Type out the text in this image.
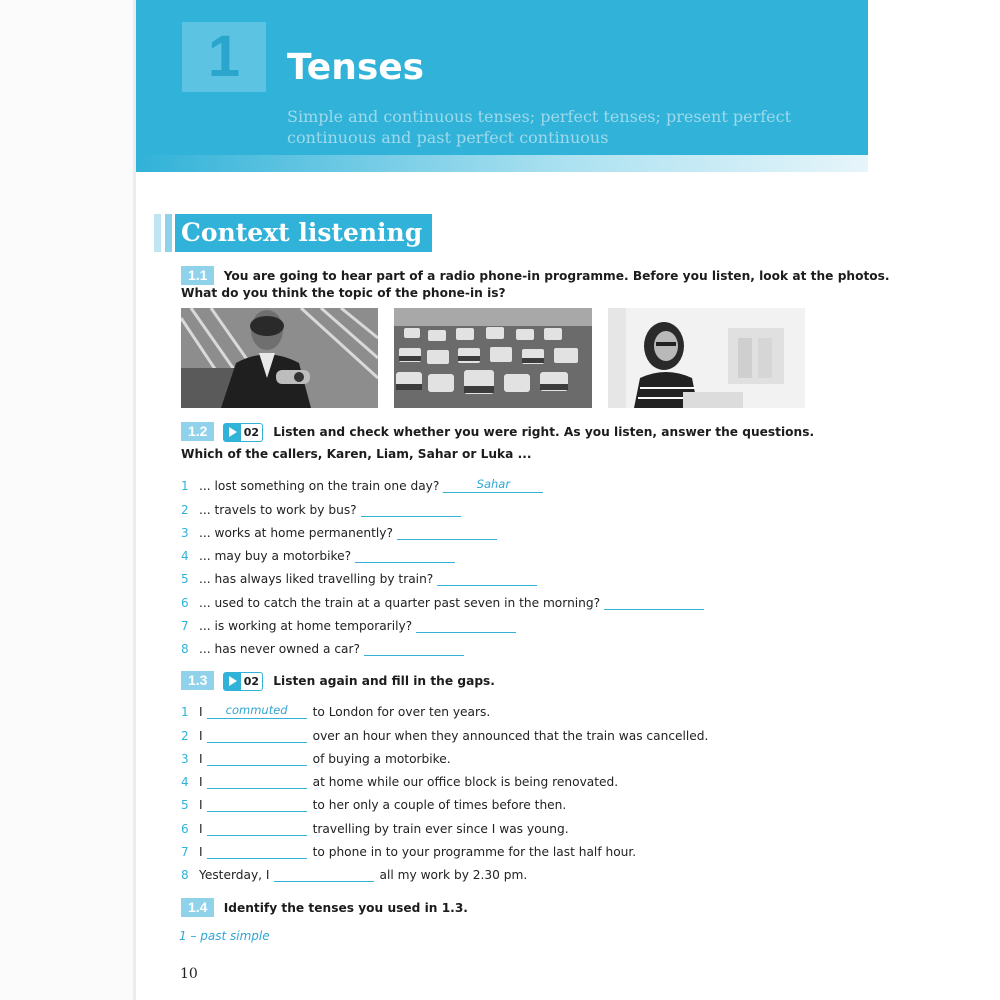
1	Tenses

Simple and continuous tenses; perfect tenses; present perfect continuous and past perfect continuous

Context listening
1.1 You are going to hear part of a radio phone-in programme. Before you listen, look at the photos.
What do you think the topic of the phone-in is?
1.2	02 Listen and check whether you were right. As you listen, answer the questions.
Which of the callers, Karen, Liam, Sahar or Luka ...
1 ... lost something on the train one day?	Sahar
2 ... travels to work by bus?
3 ... works at home permanently?
4 ... may buy a motorbike?
5 ... has always liked travelling by train?
6 ... used to catch the train at a quarter past seven in the morning?
7 ... is working at home temporarily?
8 ... has never owned a car?
1.3	02 Listen again and fill in the gaps.
1 I	commuted	to London for over ten years.
2 I	over an hour when they announced that the train was cancelled.
3 I	of buying a motorbike.
4 I	at home while our office block is being renovated.
5 I	to her only a couple of times before then.
6 I	travelling by train ever since I was young.
7 I	to phone in to your programme for the last half hour.
8 Yesterday, I	all my work by 2.30 pm.
1.4 Identify the tenses you used in 1.3.
1 – past simple
10
